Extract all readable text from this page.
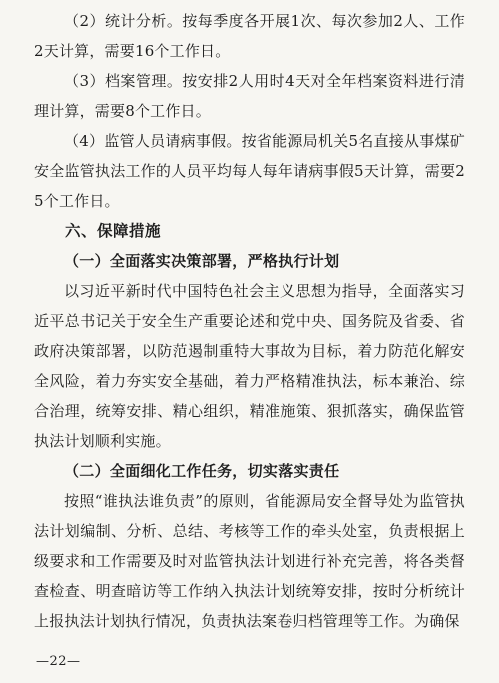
（2）统计分析。按每季度各开展1次、每次参加2人、工作2天计算，需要16个工作日。

（3）档案管理。按安排2人用时4天对全年档案资料进行清理计算，需要8个工作日。

（4）监管人员请病事假。按省能源局机关5名直接从事煤矿安全监管执法工作的人员平均每人每年请病事假5天计算，需要25个工作日。

六、保障措施

（一）全面落实决策部署，严格执行计划

以习近平新时代中国特色社会主义思想为指导，全面落实习近平总书记关于安全生产重要论述和党中央、国务院及省委、省政府决策部署，以防范遏制重特大事故为目标，着力防范化解安全风险，着力夯实安全基础，着力严格精准执法，标本兼治、综合治理，统筹安排、精心组织，精准施策、狠抓落实，确保监管执法计划顺利实施。

（二）全面细化工作任务，切实落实责任

按照“谁执法谁负责”的原则，省能源局安全督导处为监管执法计划编制、分析、总结、考核等工作的牵头处室，负责根据上级要求和工作需要及时对监管执法计划进行补充完善，将各类督查检查、明查暗访等工作纳入执法计划统筹安排，按时分析统计上报执法计划执行情况，负责执法案卷归档管理等工作。为确保

—22—
